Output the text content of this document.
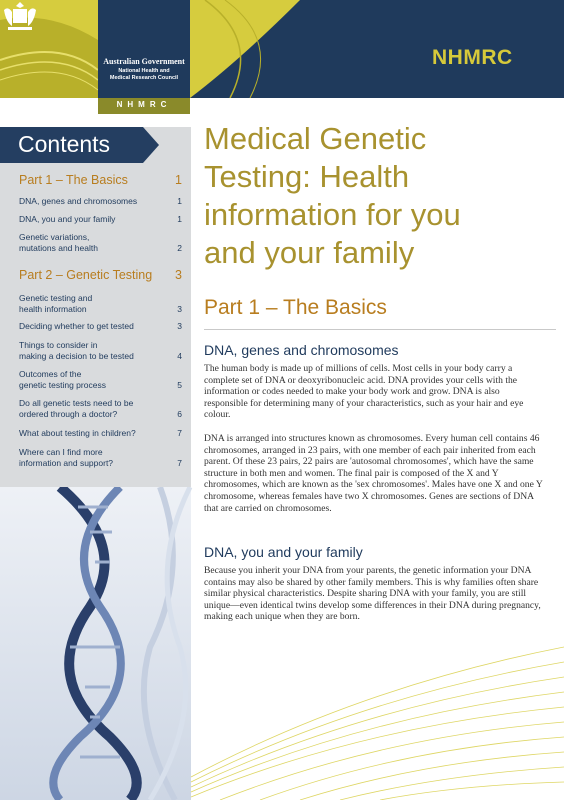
Australian Government
National Health and
Medical Research Council
NHMRC
NHMRC
Contents
Part 1 – The Basics	1
DNA, genes and chromosomes	1
DNA, you and your family	1
Genetic variations,
mutations and health	2
Part 2 – Genetic Testing 3
Genetic testing and
health information	3
Deciding whether to get tested	3
Things to consider in
making a decision to be tested	4
Outcomes of the
genetic testing process	5
Do all genetic tests need to be
ordered through a doctor?	6
What about testing in children?	7
Where can I find more
information and support?	7
Medical Genetic
Testing: Health
information for you
and your family
Part 1 – The Basics
DNA, genes and chromosomes
The human body is made up of millions of cells. Most cells in your body carry a complete set of DNA or deoxyribonucleic acid. DNA provides your cells with the information or codes needed to make your body work and grow. DNA is also responsible for determining many of your characteristics, such as your hair and eye colour.
DNA is arranged into structures known as chromosomes. Every human cell contains 46 chromosomes, arranged in 23 pairs, with one member of each pair inherited from each parent. Of these 23 pairs, 22 pairs are 'autosomal chromosomes', which have the same structure in both men and women. The final pair is composed of the X and Y chromosomes, which are known as the 'sex chromosomes'. Males have one X and one Y chromosome, whereas females have two X chromosomes. Genes are sections of DNA that are carried on chromosomes.
DNA, you and your family
Because you inherit your DNA from your parents, the genetic information your DNA contains may also be shared by other family members. This is why families often share similar physical characteristics. Despite sharing DNA with your family, you are still unique—even identical twins develop some differences in their DNA during pregnancy, making each unique when they are born.
